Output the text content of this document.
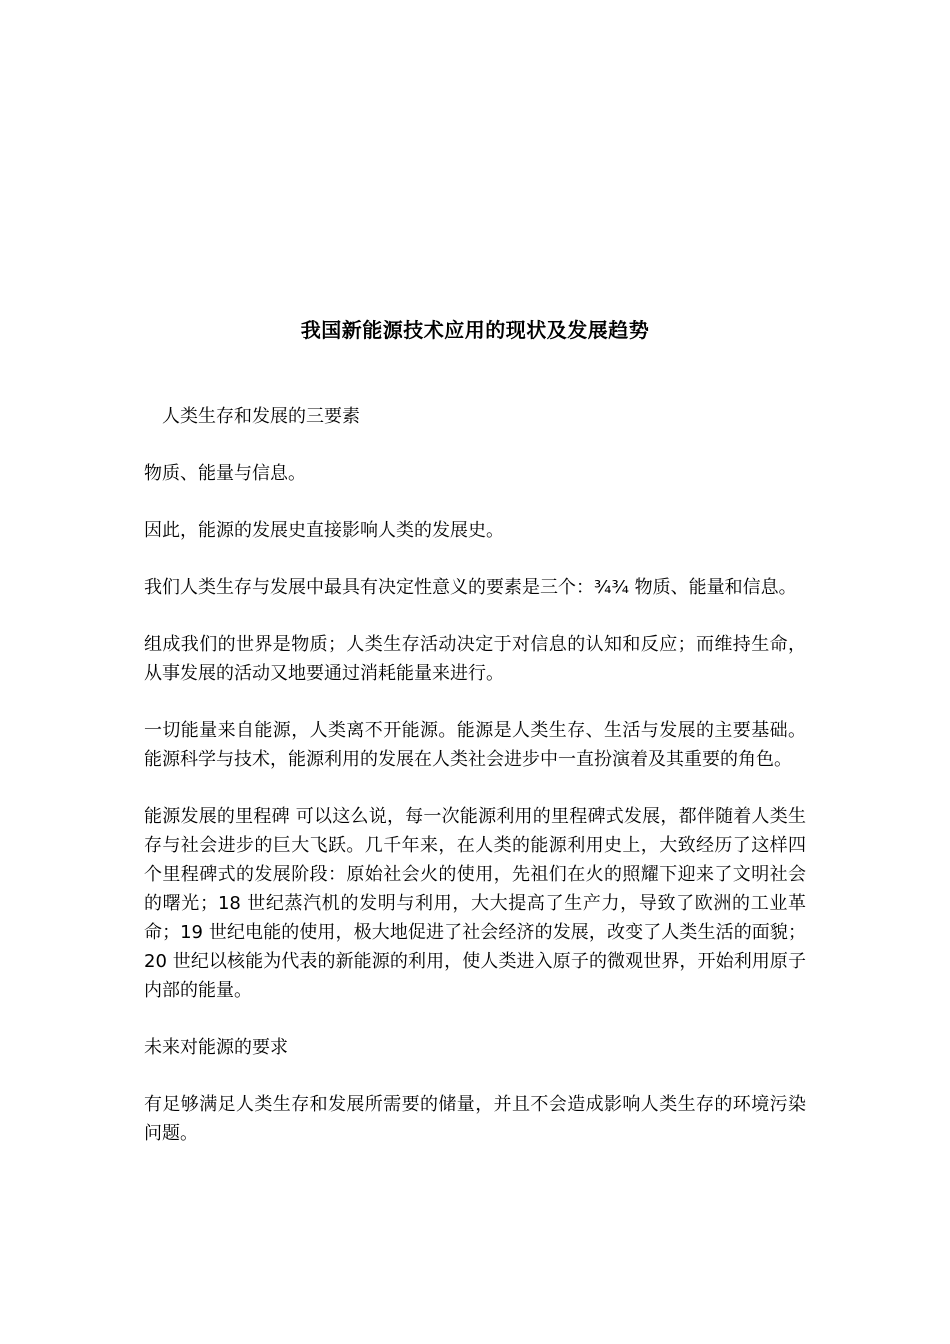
我国新能源技术应用的现状及发展趋势

人类生存和发展的三要素

物质、能量与信息。

因此，能源的发展史直接影响人类的发展史。

我们人类生存与发展中最具有决定性意义的要素是三个：¾¾ 物质、能量和信息。

组成我们的世界是物质；人类生存活动决定于对信息的认知和反应；而维持生命，从事发展的活动又地要通过消耗能量来进行。

一切能量来自能源，人类离不开能源。能源是人类生存、生活与发展的主要基础。能源科学与技术，能源利用的发展在人类社会进步中一直扮演着及其重要的角色。

能源发展的里程碑 可以这么说，每一次能源利用的里程碑式发展，都伴随着人类生存与社会进步的巨大飞跃。几千年来，在人类的能源利用史上，大致经历了这样四个里程碑式的发展阶段：原始社会火的使用，先祖们在火的照耀下迎来了文明社会的曙光；18 世纪蒸汽机的发明与利用，大大提高了生产力，导致了欧洲的工业革命；19 世纪电能的使用，极大地促进了社会经济的发展，改变了人类生活的面貌；20 世纪以核能为代表的新能源的利用，使人类进入原子的微观世界，开始利用原子内部的能量。

未来对能源的要求

有足够满足人类生存和发展所需要的储量，并且不会造成影响人类生存的环境污染问题。
